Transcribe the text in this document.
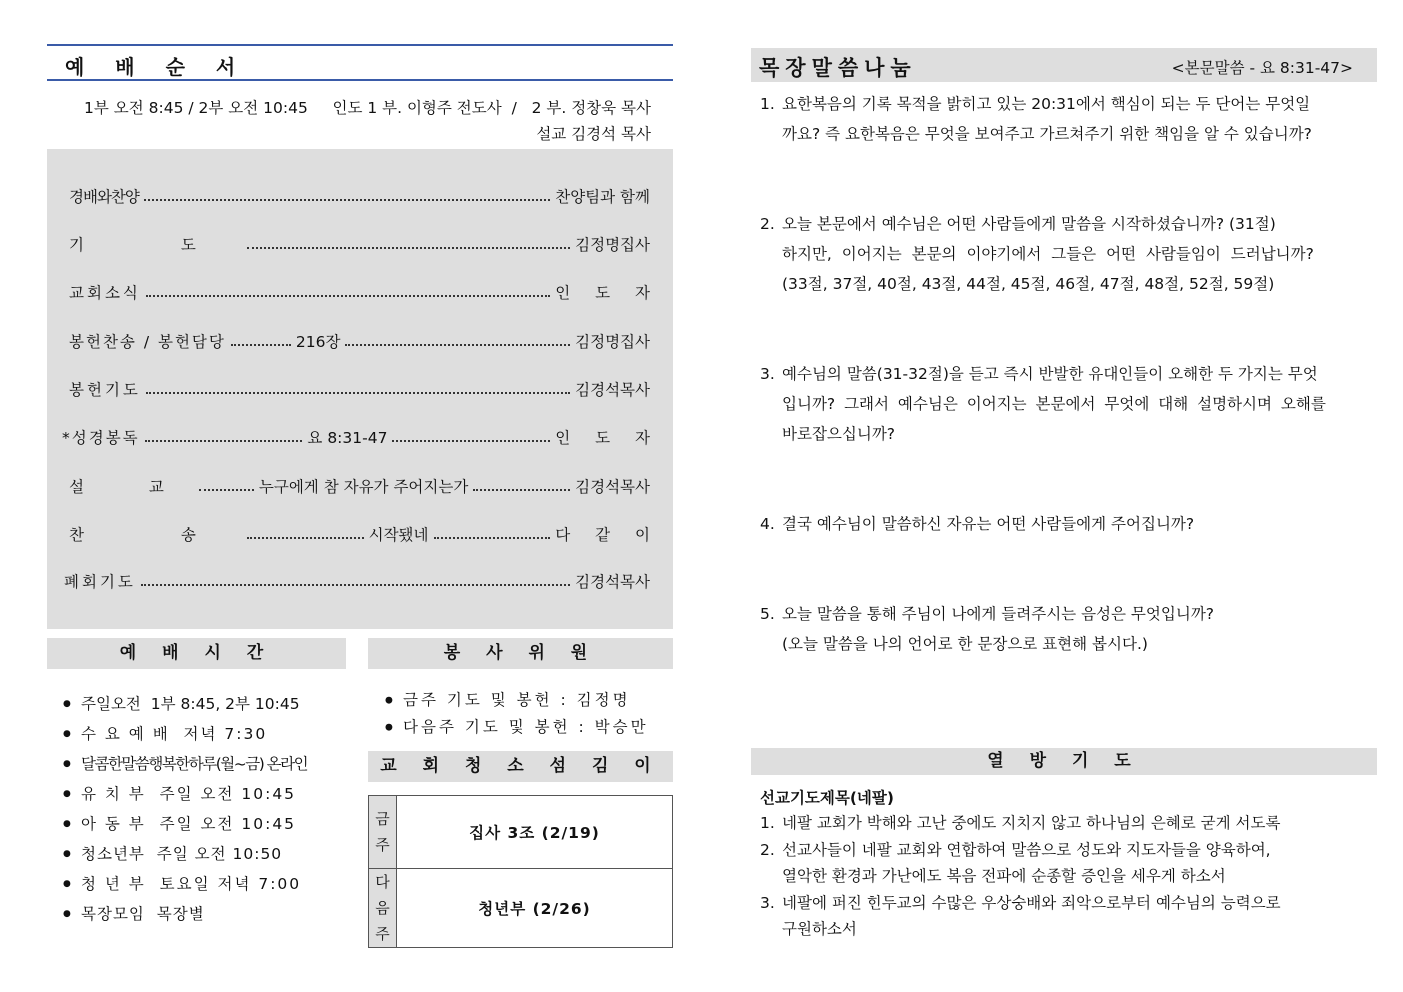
예 배 순 서
1부 오전 8:45 / 2부 오전 10:45     인도 1 부. 이형주 전도사  /   2 부. 정창욱 목사
설교 김경석 목사
경배와찬양	찬양팀과 함께
기 도	김정명집사
교회소식	인 도 자
봉헌찬송 / 봉헌담당	216장	김정명집사
봉헌기도	김경석목사
*성경봉독	요 8:31-47	인 도 자
설 교	누구에게 참 자유가 주어지는가	김경석목사
찬 송	시작됐네	다 같 이
폐회기도	김경석목사
예 배 시 간
● 주일오전  1부 8:45, 2부 10:45
● 수 요 예 배  저녁 7:30
● 달콤한말씀행복한하루(월~금) 온라인
● 유 치 부  주일 오전 10:45
● 아 동 부  주일 오전 10:45
● 청소년부  주일 오전 10:50
● 청 년 부  토요일 저녁 7:00
● 목장모임  목장별
봉 사 위 원
● 금주 기도 및 봉헌 : 김정명
● 다음주 기도 및 봉헌 : 박승만
교 회 청 소 섬 김 이
금
주	집사 3조 (2/19)

다
음
주	청년부 (2/26)
목장말씀나눔	<본문말씀 - 요 8:31-47>
1. 요한복음의 기록 목적을 밝히고 있는 20:31에서 핵심이 되는 두 단어는 무엇일
까요? 즉 요한복음은 무엇을 보여주고 가르쳐주기 위한 책임을 알 수 있습니까?
2. 오늘 본문에서 예수님은 어떤 사람들에게 말씀을 시작하셨습니까? (31절)
하지만, 이어지는 본문의 이야기에서 그들은 어떤 사람들임이 드러납니까?
(33절, 37절, 40절, 43절, 44절, 45절, 46절, 47절, 48절, 52절, 59절)
3. 예수님의 말씀(31-32절)을 듣고 즉시 반발한 유대인들이 오해한 두 가지는 무엇
입니까? 그래서 예수님은 이어지는 본문에서 무엇에 대해 설명하시며 오해를
바로잡으십니까?
4. 결국 예수님이 말씀하신 자유는 어떤 사람들에게 주어집니까?
5. 오늘 말씀을 통해 주님이 나에게 들려주시는 음성은 무엇입니까?
(오늘 말씀을 나의 언어로 한 문장으로 표현해 봅시다.)
열 방 기 도
선교기도제목(네팔)
1. 네팔 교회가 박해와 고난 중에도 지치지 않고 하나님의 은혜로 굳게 서도록
2. 선교사들이 네팔 교회와 연합하여 말씀으로 성도와 지도자들을 양육하여,
열악한 환경과 가난에도 복음 전파에 순종할 증인을 세우게 하소서
3. 네팔에 퍼진 힌두교의 수많은 우상숭배와 죄악으로부터 예수님의 능력으로
구원하소서
